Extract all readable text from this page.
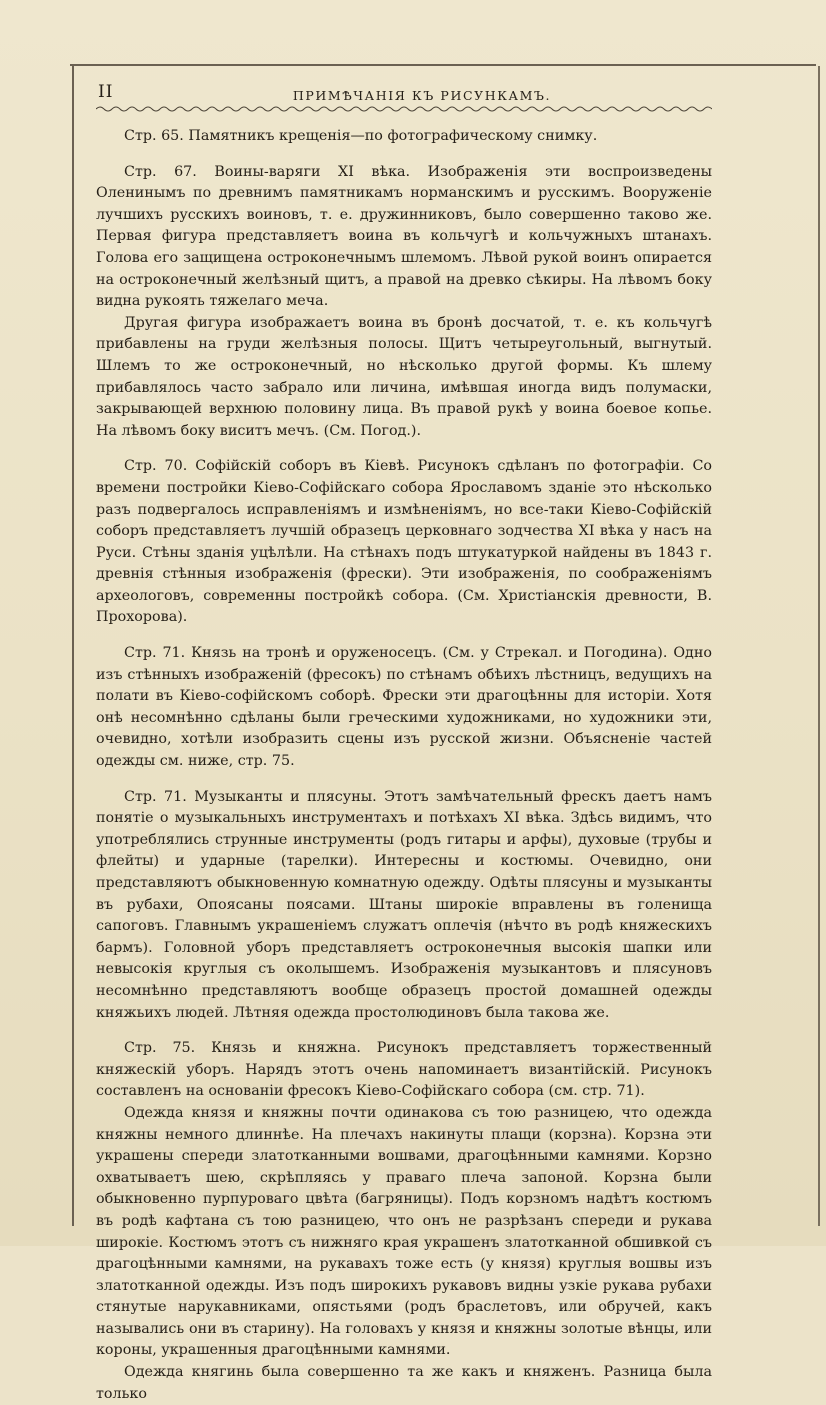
II	ПРИМѢЧАНІЯ КЪ РИСУНКАМЪ.

Стр. 65. Памятникъ крещенія—по фотографическому снимку.

Стр. 67. Воины-варяги XI вѣка. Изображенія эти воспроизведены Оленинымъ по древнимъ памятникамъ норманскимъ и русскимъ. Вооруженіе лучшихъ русскихъ воиновъ, т. е. дружинниковъ, было совершенно таково же. Первая фигура представляетъ воина въ кольчугѣ и кольчужныхъ штанахъ. Голова его защищена остроконечнымъ шлемомъ. Лѣвой рукой воинъ опирается на остроконечный желѣзный щитъ, а правой на древко сѣкиры. На лѣвомъ боку видна рукоять тяжелаго меча.

Другая фигура изображаетъ воина въ бронѣ досчатой, т. е. къ кольчугѣ прибавлены на груди желѣзныя полосы. Щитъ четыреугольный, выгнутый. Шлемъ то же остроконечный, но нѣсколько другой формы. Къ шлему прибавлялось часто забрало или личина, имѣвшая иногда видъ полумаски, закрывающей верхнюю половину лица. Въ правой рукѣ у воина боевое копье. На лѣвомъ боку виситъ мечъ. (См. Погод.).

Стр. 70. Софійскій соборъ въ Кіевѣ. Рисунокъ сдѣланъ по фотографіи. Со времени постройки Кіево-Софійскаго собора Ярославомъ зданіе это нѣсколько разъ подвергалось исправленіямъ и измѣненіямъ, но все-таки Кіево-Софійскій соборъ представляетъ лучшій образецъ церковнаго зодчества XI вѣка у насъ на Руси. Стѣны зданія уцѣлѣли. На стѣнахъ подъ штукатуркой найдены въ 1843 г. древнія стѣнныя изображенія (фрески). Эти изображенія, по соображеніямъ археологовъ, современны постройкѣ собора. (См. Христіанскія древности, В. Прохорова).

Стр. 71. Князь на тронѣ и оруженосецъ. (См. у Стрекал. и Погодина). Одно изъ стѣнныхъ изображеній (фресокъ) по стѣнамъ обѣихъ лѣстницъ, ведущихъ на полати въ Кіево-софійскомъ соборѣ. Фрески эти драгоцѣнны для исторіи. Хотя онѣ несомнѣнно сдѣланы были греческими художниками, но художники эти, очевидно, хотѣли изобразить сцены изъ русской жизни. Объясненіе частей одежды см. ниже, стр. 75.

Стр. 71. Музыканты и плясуны. Этотъ замѣчательный фрескъ даетъ намъ понятіе о музыкальныхъ инструментахъ и потѣхахъ XI вѣка. Здѣсь видимъ, что употреблялись струнные инструменты (родъ гитары и арфы), духовые (трубы и флейты) и ударные (тарелки). Интересны и костюмы. Очевидно, они представляютъ обыкновенную комнатную одежду. Одѣты плясуны и музыканты въ рубахи, Опоясаны поясами. Штаны широкіе вправлены въ голенища сапоговъ. Главнымъ украшеніемъ служатъ оплечія (нѣчто въ родѣ княжескихъ бармъ). Головной уборъ представляетъ остроконечныя высокія шапки или невысокія круглыя съ околышемъ. Изображенія музыкантовъ и плясуновъ несомнѣнно представляютъ вообще образецъ простой домашней одежды княжьихъ людей. Лѣтняя одежда простолюдиновъ была такова же.

Стр. 75. Князь и княжна. Рисунокъ представляетъ торжественный княжескій уборъ. Нарядъ этотъ очень напоминаетъ византійскій. Рисунокъ составленъ на основаніи фресокъ Кіево-Софійскаго собора (см. стр. 71).

Одежда князя и княжны почти одинакова съ тою разницею, что одежда княжны немного длиннѣе. На плечахъ накинуты плащи (корзна). Корзна эти украшены спереди златотканными вошвами, драгоцѣнными камнями. Корзно охватываетъ шею, скрѣпляясь у праваго плеча запоной. Корзна были обыкновенно пурпуроваго цвѣта (багряницы). Подъ корзномъ надѣтъ костюмъ въ родѣ кафтана съ тою разницею, что онъ не разрѣзанъ спереди и рукава широкіе. Костюмъ этотъ съ нижняго края украшенъ златотканной обшивкой съ драгоцѣнными камнями, на рукавахъ тоже есть (у князя) круглыя вошвы изъ златотканной одежды. Изъ подъ широкихъ рукавовъ видны узкіе рукава рубахи стянутые нарукавниками, опястьями (родъ браслетовъ, или обручей, какъ назывались они въ старину). На головахъ у князя и княжны золотые вѣнцы, или короны, украшенныя драгоцѣнными камнями.

Одежда княгинь была совершенно та же какъ и княженъ. Разница была только
